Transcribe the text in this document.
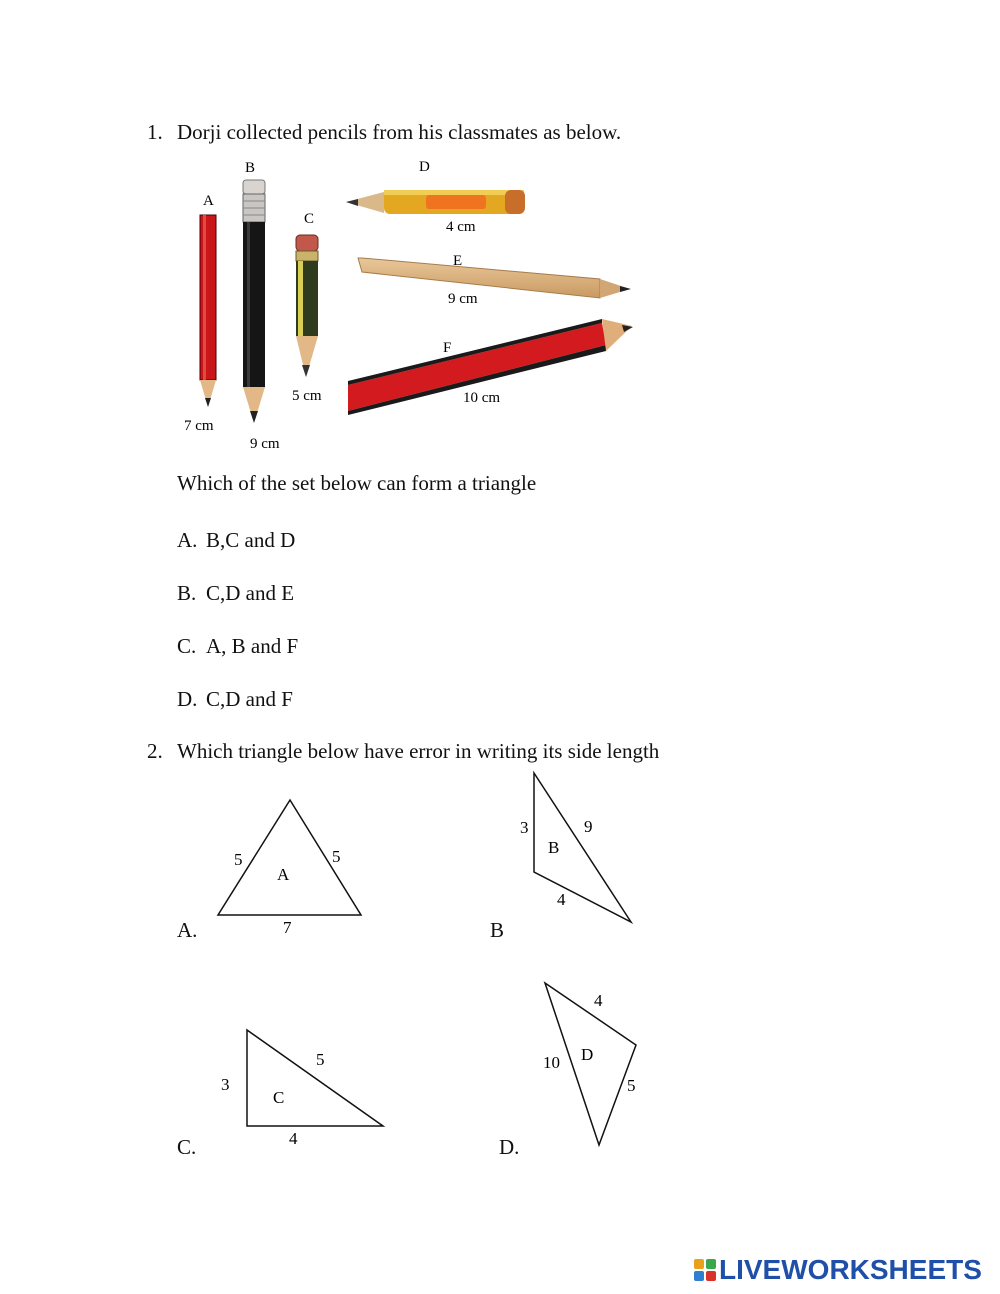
1. Dorji collected pencils from his classmates as below.
A
7 cm
B
9 cm
C
5 cm
D
4 cm
E
9 cm
F
10 cm
Which of the set below can form a triangle
A. B,C and D
B. C,D and E
C. A, B and F
D. C,D and F
2. Which triangle below have error in writing its side length
A.
5	5
7
A
B
3	9
4
B
C.
3
5
4
C
D.
4
10
5
D
LIVEWORKSHEETS
